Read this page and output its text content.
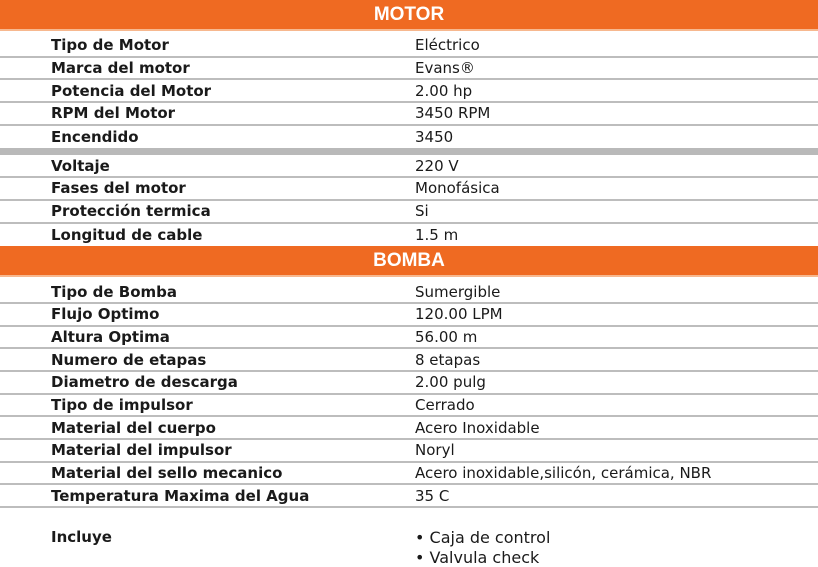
MOTOR
Tipo de Motor	Eléctrico
Marca del motor	Evans®
Potencia del Motor	2.00 hp
RPM del Motor	3450 RPM
Encendido	3450
Voltaje	220 V
Fases del motor	Monofásica
Protección termica	Si
Longitud de cable	1.5 m
BOMBA
Tipo de Bomba	Sumergible
Flujo Optimo	120.00 LPM
Altura Optima	56.00 m
Numero de etapas	8 etapas
Diametro de descarga	2.00 pulg
Tipo de impulsor	Cerrado
Material del cuerpo	Acero Inoxidable
Material del impulsor	Noryl
Material del sello mecanico	Acero inoxidable,silicón, cerámica, NBR
Temperatura Maxima del Agua	35 C
Incluye	• Caja de control
• Valvula check
